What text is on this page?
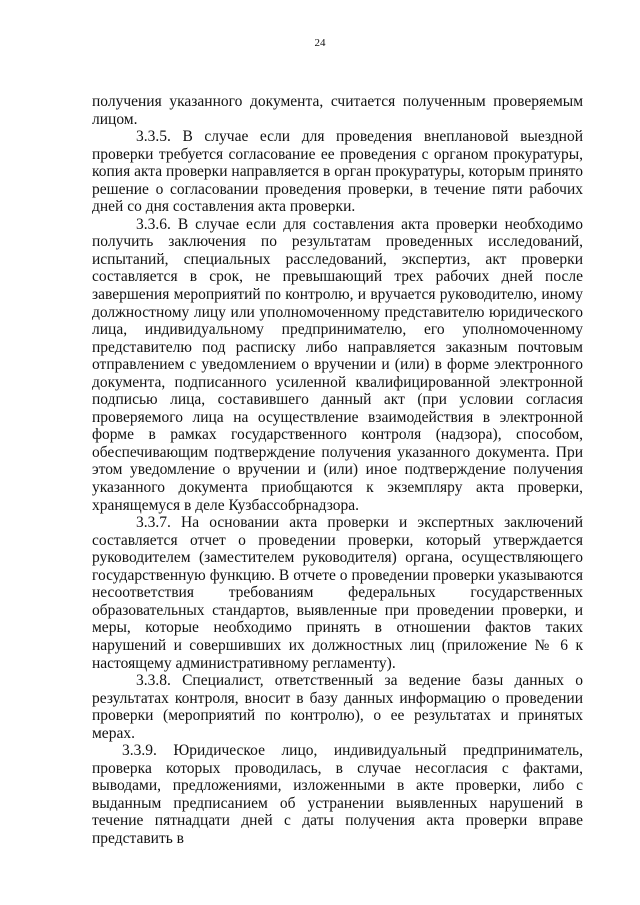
24

получения указанного документа, считается полученным проверяемым лицом.

3.3.5. В случае если для проведения внеплановой выездной проверки требуется согласование ее проведения с органом прокуратуры, копия акта проверки направляется в орган прокуратуры, которым принято решение о согласовании проведения проверки, в течение пяти рабочих дней со дня составления акта проверки.

3.3.6. В случае если для составления акта проверки необходимо получить заключения по результатам проведенных исследований, испытаний, специальных расследований, экспертиз, акт проверки составляется в срок, не превышающий трех рабочих дней после завершения мероприятий по контролю, и вручается руководителю, иному должностному лицу или уполномоченному представителю юридического лица, индивидуальному предпринимателю, его уполномоченному представителю под расписку либо направляется заказным почтовым отправлением с уведомлением о вручении и (или) в форме электронного документа, подписанного усиленной квалифицированной электронной подписью лица, составившего данный акт (при условии согласия проверяемого лица на осуществление взаимодействия в электронной форме в рамках государственного контроля (надзора), способом, обеспечивающим подтверждение получения указанного документа. При этом уведомление о вручении и (или) иное подтверждение получения указанного документа приобщаются к экземпляру акта проверки, хранящемуся в деле Кузбассобрнадзора.

3.3.7. На основании акта проверки и экспертных заключений составляется отчет о проведении проверки, который утверждается руководителем (заместителем руководителя) органа, осуществляющего государственную функцию. В отчете о проведении проверки указываются несоответствия требованиям федеральных государственных образовательных стандартов, выявленные при проведении проверки, и меры, которые необходимо принять в отношении фактов таких нарушений и совершивших их должностных лиц (приложение № 6 к настоящему административному регламенту).

3.3.8. Специалист, ответственный за ведение базы данных о результатах контроля, вносит в базу данных информацию о проведении проверки (мероприятий по контролю), о ее результатах и принятых мерах.

3.3.9. Юридическое лицо, индивидуальный предприниматель, проверка которых проводилась, в случае несогласия с фактами, выводами, предложениями, изложенными в акте проверки, либо с выданным предписанием об устранении выявленных нарушений в течение пятнадцати дней с даты получения акта проверки вправе представить в
